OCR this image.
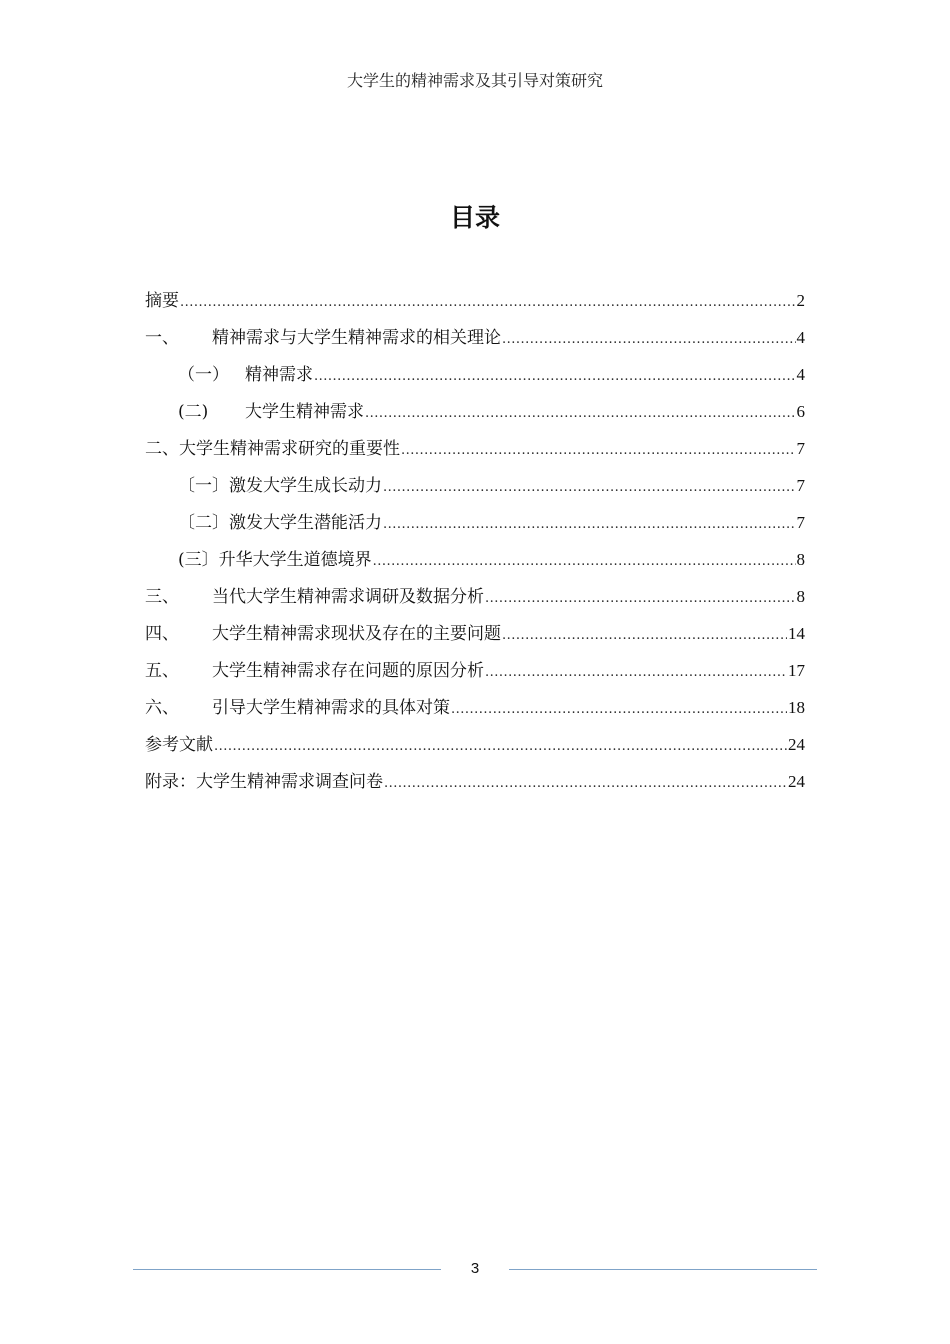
大学生的精神需求及其引导对策研究
目录
摘要 .....	2
一、	精神需求与大学生精神需求的相关理论 .....	4
（一） 精神需求 .....	4
(二)	大学生精神需求 .....	6
二、大学生精神需求研究的重要性 .....	7
〔一〕激发大学生成长动力 .....	7
〔二〕激发大学生潜能活力 .....	7
(三〕升华大学生道德境界 .....	8
三、	当代大学生精神需求调研及数据分析 .....	8
四、	大学生精神需求现状及存在的主要问题 .....	14
五、	大学生精神需求存在问题的原因分析 .....	17
六、	引导大学生精神需求的具体对策 .....	18
参考文献 .....	24
附录：大学生精神需求调查问卷 .....	24
3
